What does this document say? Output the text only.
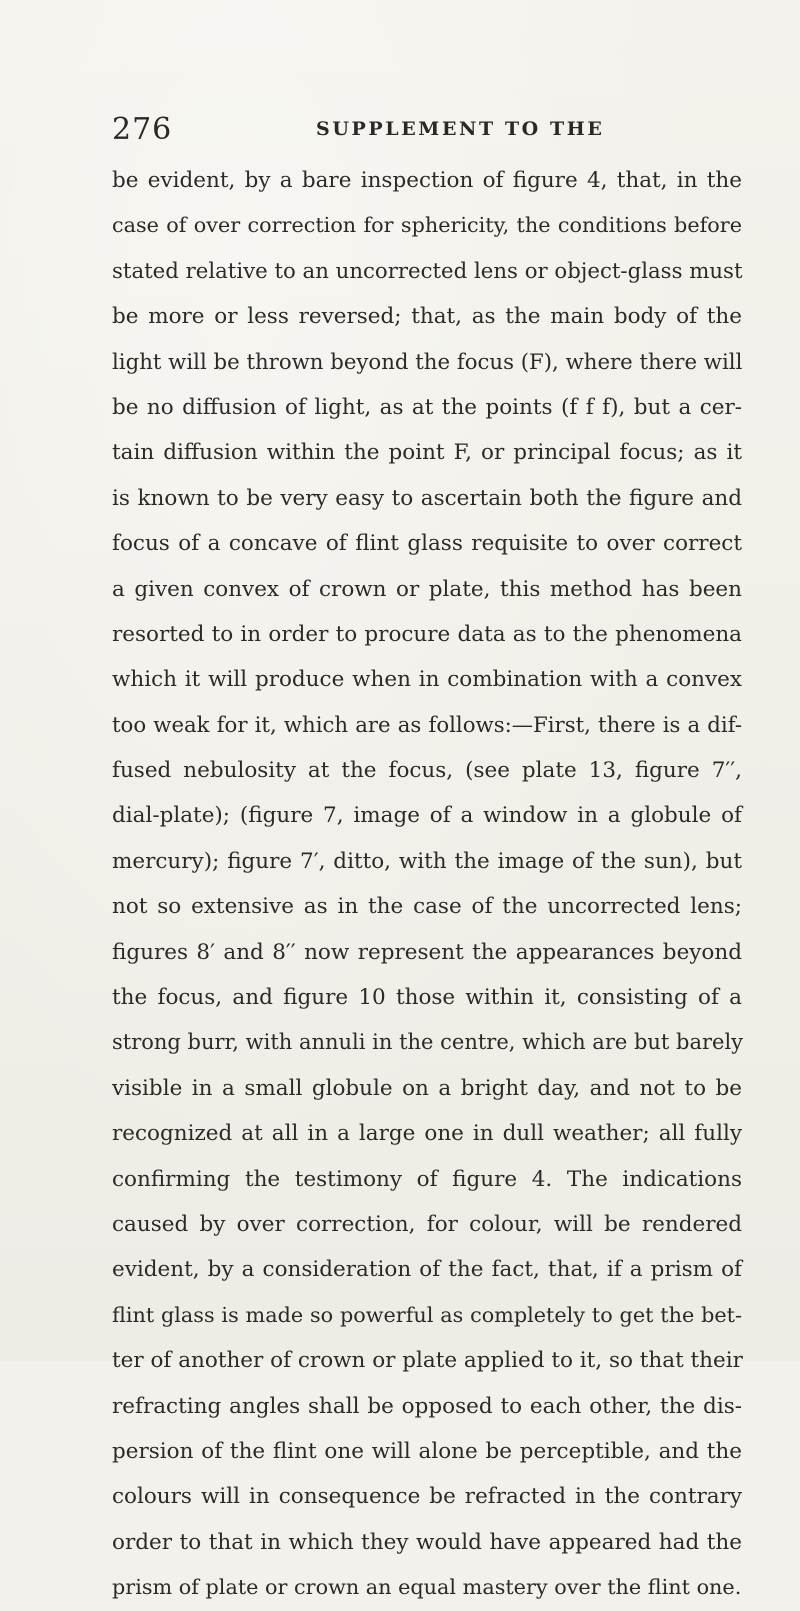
276	SUPPLEMENT TO THE
be evident, by a bare inspection of figure 4, that, in the
case of over correction for sphericity, the conditions before
stated relative to an uncorrected lens or object-glass must
be more or less reversed; that, as the main body of the
light will be thrown beyond the focus (F), where there will
be no diffusion of light, as at the points (f f f), but a cer-
tain diffusion within the point F, or principal focus; as it
is known to be very easy to ascertain both the figure and
focus of a concave of flint glass requisite to over correct
a given convex of crown or plate, this method has been
resorted to in order to procure data as to the phenomena
which it will produce when in combination with a convex
too weak for it, which are as follows:—First, there is a dif-
fused nebulosity at the focus, (see plate 13, figure 7′′,
dial-plate); (figure 7, image of a window in a globule of
mercury); figure 7′, ditto, with the image of the sun), but
not so extensive as in the case of the uncorrected lens;
figures 8′ and 8′′ now represent the appearances beyond
the focus, and figure 10 those within it, consisting of a
strong burr, with annuli in the centre, which are but barely
visible in a small globule on a bright day, and not to be
recognized at all in a large one in dull weather; all fully
confirming the testimony of figure 4. The indications
caused by over correction, for colour, will be rendered
evident, by a consideration of the fact, that, if a prism of
flint glass is made so powerful as completely to get the bet-
ter of another of crown or plate applied to it, so that their
refracting angles shall be opposed to each other, the dis-
persion of the flint one will alone be perceptible, and the
colours will in consequence be refracted in the contrary
order to that in which they would have appeared had the
prism of plate or crown an equal mastery over the flint one.
